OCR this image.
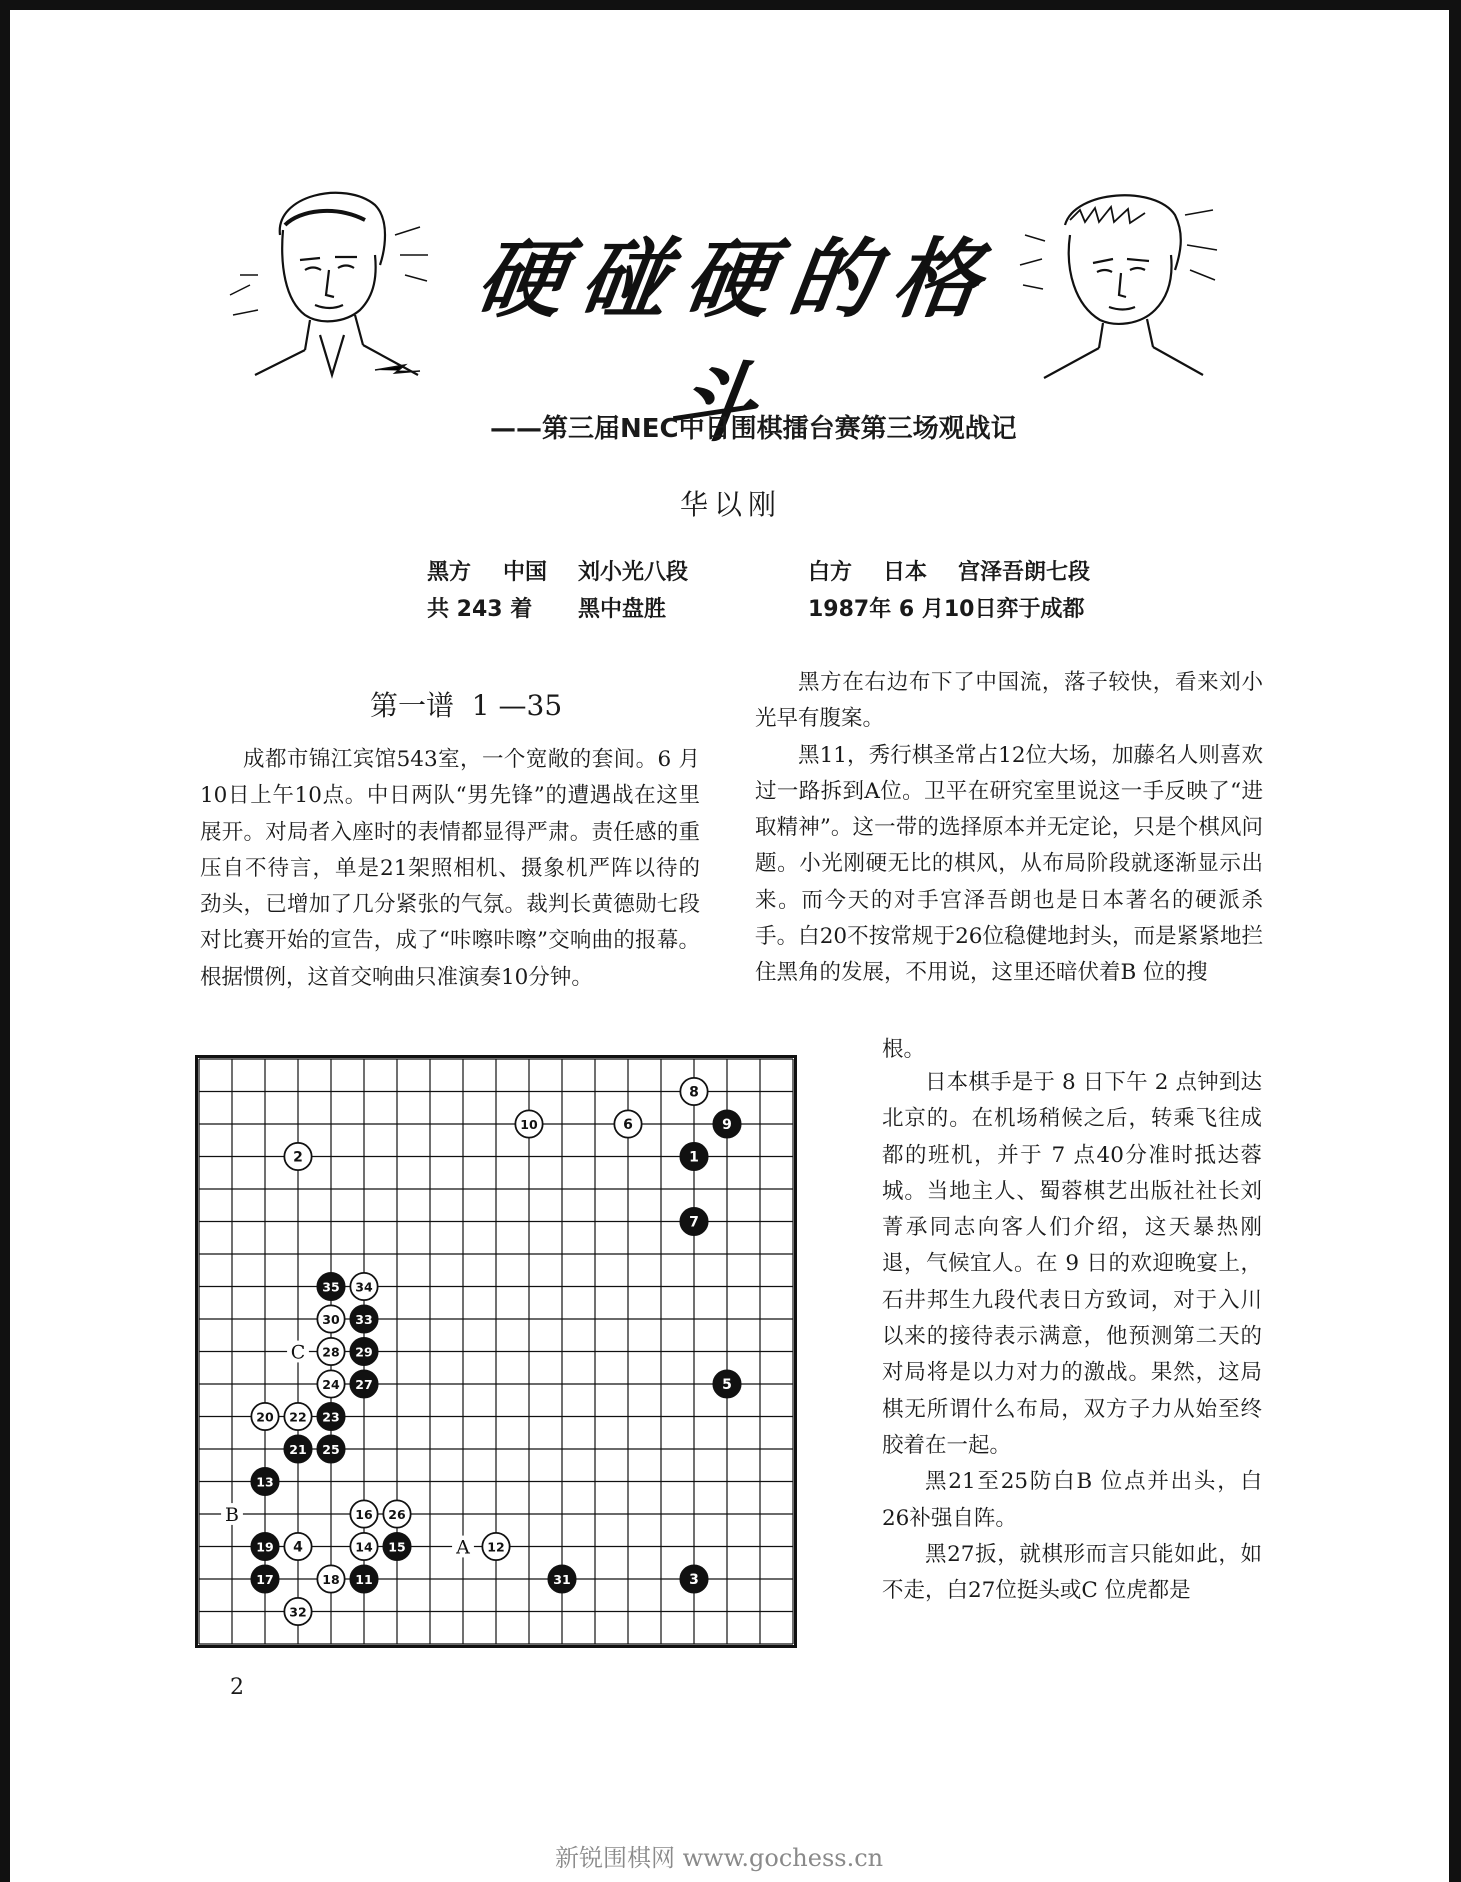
硬碰硬的格斗
——第三届NEC中日围棋擂台赛第三场观战记
华以刚
黑方 中国 刘小光八段	白方 日本 宫泽吾朗七段
共 243 着 黑中盘胜	1987年 6 月10日弈于成都
第一谱  1 —35

成都市锦江宾馆543室，一个宽敞的套间。6 月10日上午10点。中日两队“男先锋”的遭遇战在这里展开。对局者入座时的表情都显得严肃。责任感的重压自不待言，单是21架照相机、摄象机严阵以待的劲头，已增加了几分紧张的气氛。裁判长黄德勋七段对比赛开始的宣告，成了“咔嚓咔嚓”交响曲的报幕。根据惯例，这首交响曲只准演奏10分钟。

黑方在右边布下了中国流，落子较快，看来刘小光早有腹案。

黑11，秀行棋圣常占12位大场，加藤名人则喜欢过一路拆到A位。卫平在研究室里说这一手反映了“进取精神”。这一带的选择原本并无定论，只是个棋风问题。小光刚硬无比的棋风，从布局阶段就逐渐显示出来。而今天的对手宫泽吾朗也是日本著名的硬派杀手。白20不按常规于26位稳健地封头，而是紧紧地拦住黑角的发展，不用说，这里还暗伏着B 位的搜

根。

日本棋手是于 8 日下午 2 点钟到达北京的。在机场稍候之后，转乘飞往成都的班机，并于 7 点40分准时抵达蓉城。当地主人、蜀蓉棋艺出版社社长刘菁承同志向客人们介绍，这天暴热刚退，气候宜人。在 9 日的欢迎晚宴上，石井邦生九段代表日方致词，对于入川以来的接待表示满意，他预测第二天的对局将是以力对力的激战。果然，这局棋无所谓什么布局，双方子力从始至终胶着在一起。

黑21至25防白B 位点并出头，白26补强自阵。

黑27扳，就棋形而言只能如此，如不走，白27位挺头或C 位虎都是

A
B
C
1
2
3
4
5
6
7
8
9
10
11
12
13
14 15
16
17	18
19
20
21
22 23
24
25
26
27
28 29
30
31
32
33
34
35
2
新锐围棋网 www.gochess.cn
